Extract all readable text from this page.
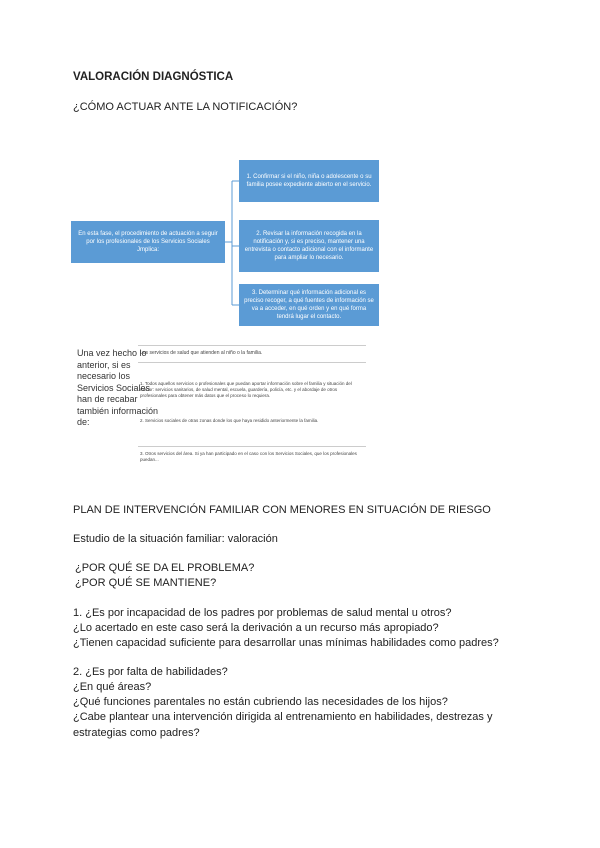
VALORACIÓN DIAGNÓSTICA
¿CÓMO ACTUAR ANTE LA NOTIFICACIÓN?
En esta fase, el procedimiento de actuación a seguir por los profesionales de los Servicios Sociales Jmplica:
1. Confirmar si el niño, niña o adolescente o su familia posee expediente abierto en el servicio.
2. Revisar la información recogida en la notificación y, si es preciso, mantener una entrevista o contacto adicional con el informante para ampliar lo necesario.
3. Determinar qué información adicional es preciso recoger, a qué fuentes de información se va a acceder, en qué orden y en qué forma tendrá lugar el contacto.
Una vez hecho lo anterior, si es necesario los Servicios Sociales han de recabar también información de:
Los servicios de salud que atienden al niño o la familia.
1. Todos aquellos servicios o profesionales que puedan aportar información sobre el familia y situación del menor: servicios sanitarios, de salud mental, escuela, guardería, policía, etc. y el abordaje de otros profesionales para obtener más datos que el proceso lo requiera.
2. Servicios sociales de otras zonas donde los que haya residido anteriormente la familia.
3. Otros servicios del área. Si ya han participado en el caso con los Servicios Sociales, que los profesionales puedan...
PLAN DE INTERVENCIÓN FAMILIAR CON MENORES EN SITUACIÓN DE RIESGO
Estudio de la situación familiar: valoración
¿POR QUÉ SE DA EL PROBLEMA?
¿POR QUÉ SE MANTIENE?
1. ¿Es por incapacidad de los padres por problemas de salud mental u otros?
¿Lo acertado en este caso será la derivación a un recurso más apropiado?
¿Tienen capacidad suficiente para desarrollar unas mínimas habilidades como padres?
2. ¿Es por falta de habilidades?
¿En qué áreas?
¿Qué funciones parentales no están cubriendo las necesidades de los hijos?
¿Cabe plantear una intervención dirigida al entrenamiento en habilidades, destrezas y estrategias como padres?
